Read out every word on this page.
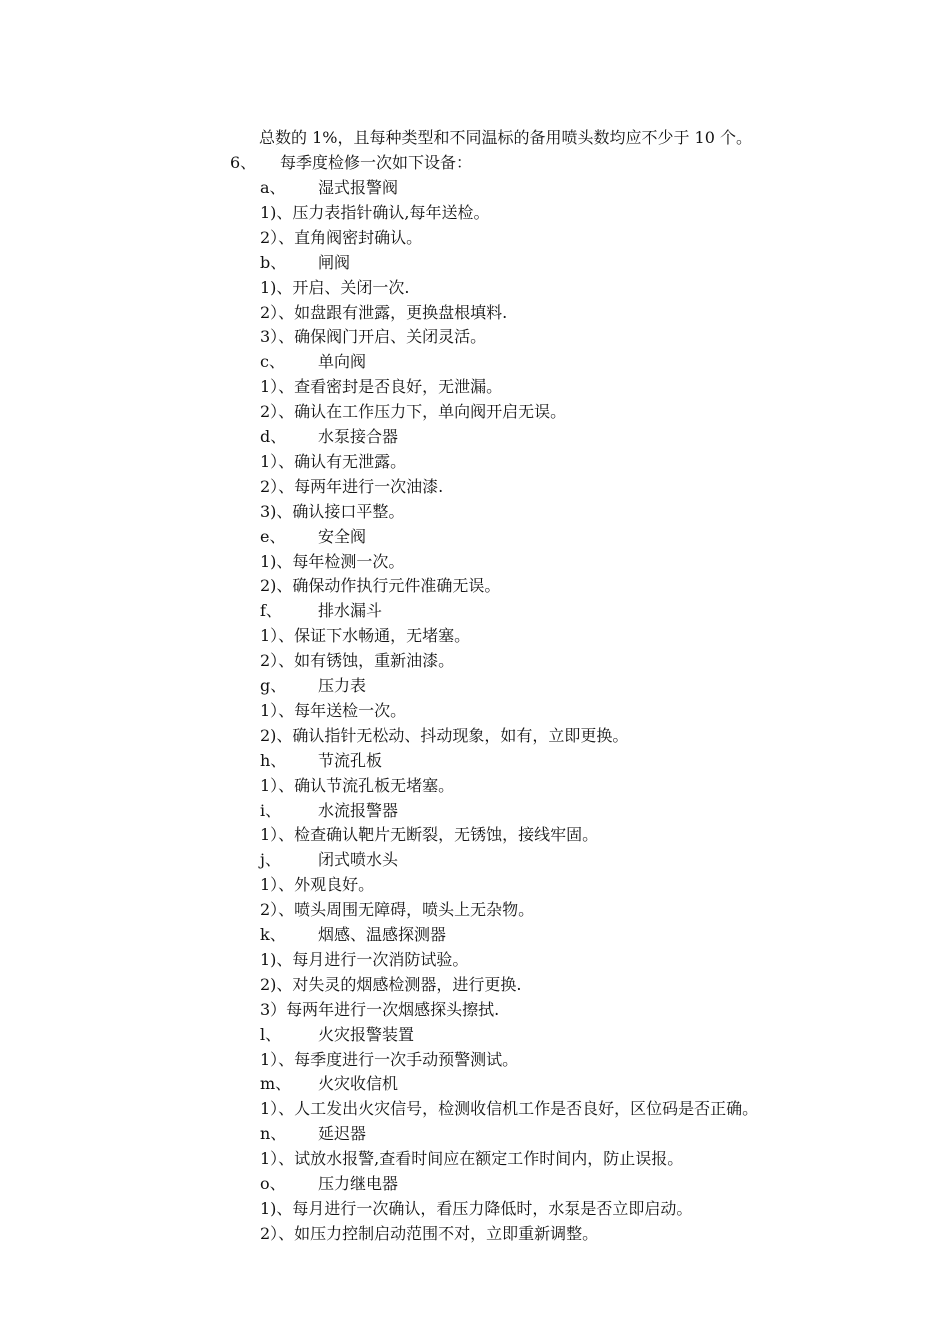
总数的 1%，且每种类型和不同温标的备用喷头数均应不少于 10 个。
6、 每季度检修一次如下设备：
a、 湿式报警阀
1)、压力表指针确认,每年送检。
2）、直角阀密封确认。
b、 闸阀
1)、开启、关闭一次.
2）、如盘跟有泄露，更换盘根填料.
3）、确保阀门开启、关闭灵活。
c、 单向阀
1）、查看密封是否良好，无泄漏。
2）、确认在工作压力下，单向阀开启无误。
d、 水泵接合器
1）、确认有无泄露。
2）、每两年进行一次油漆.
3)、确认接口平整。
e、 安全阀
1)、每年检测一次。
2)、确保动作执行元件准确无误。
f、 排水漏斗
1）、保证下水畅通，无堵塞。
2）、如有锈蚀，重新油漆。
g、 压力表
1）、每年送检一次。
2)、确认指针无松动、抖动现象，如有，立即更换。
h、 节流孔板
1）、确认节流孔板无堵塞。
i、 水流报警器
1）、检查确认靶片无断裂，无锈蚀，接线牢固。
j、 闭式喷水头
1）、外观良好。
2）、喷头周围无障碍，喷头上无杂物。
k、 烟感、温感探测器
1)、每月进行一次消防试验。
2)、对失灵的烟感检测器，进行更换.
3）每两年进行一次烟感探头擦拭.
l、 火灾报警装置
1）、每季度进行一次手动预警测试。
m、 火灾收信机
1）、人工发出火灾信号，检测收信机工作是否良好，区位码是否正确。
n、 延迟器
1）、试放水报警,查看时间应在额定工作时间内，防止误报。
o、 压力继电器
1)、每月进行一次确认，看压力降低时，水泵是否立即启动。
2）、如压力控制启动范围不对，立即重新调整。
